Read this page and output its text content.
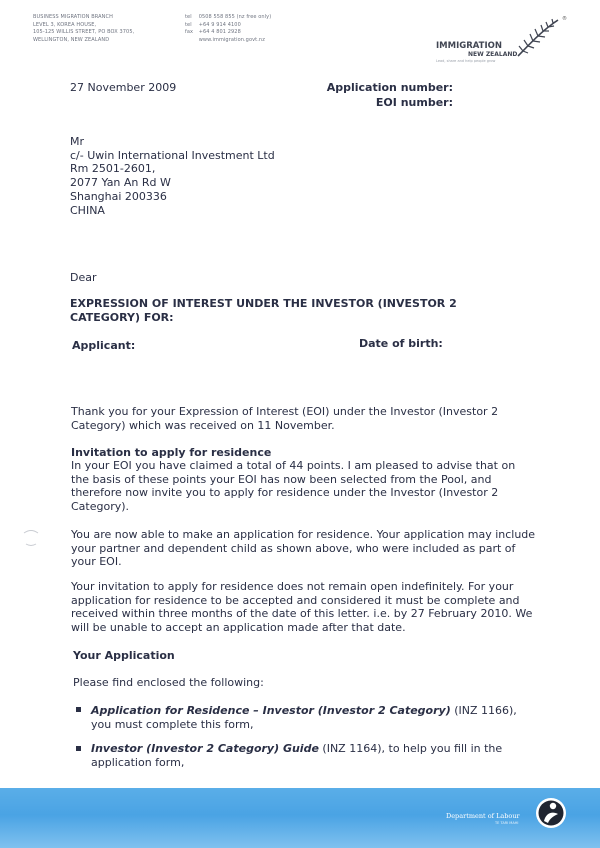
BUSINESS MIGRATION BRANCH
LEVEL 3, KOREA HOUSE,
105-125 WILLIS STREET, PO BOX 3705,
WELLINGTON, NEW ZEALAND
tel 0508 558 855 (nz free only)
tel +64 9 914 4100
fax +64 4 801 2928
www.immigration.govt.nz
®
IMMIGRATION
NEW ZEALAND
Lead, share and help people grow
27 November 2009	Application number:
EOI number:
Mr
c/- Uwin International Investment Ltd
Rm 2501-2601,
2077 Yan An Rd W
Shanghai 200336
CHINA
Dear
EXPRESSION OF INTEREST UNDER THE INVESTOR (INVESTOR 2 CATEGORY) FOR:
Applicant:	Date of birth:
Thank you for your Expression of Interest (EOI) under the Investor (Investor 2 Category) which was received on 11 November.
Invitation to apply for residence
In your EOI you have claimed a total of 44 points. I am pleased to advise that on the basis of these points your EOI has now been selected from the Pool, and therefore now invite you to apply for residence under the Investor (Investor 2 Category).
You are now able to make an application for residence. Your application may include your partner and dependent child as shown above, who were included as part of your EOI.
Your invitation to apply for residence does not remain open indefinitely. For your application for residence to be accepted and considered it must be complete and received within three months of the date of this letter. i.e. by 27 February 2010. We will be unable to accept an application made after that date.
Your Application
Please find enclosed the following:
Application for Residence – Investor (Investor 2 Category) (INZ 1166), you must complete this form,
Investor (Investor 2 Category) Guide (INZ 1164), to help you fill in the application form,
Department of Labour
TE TARI MAHI
